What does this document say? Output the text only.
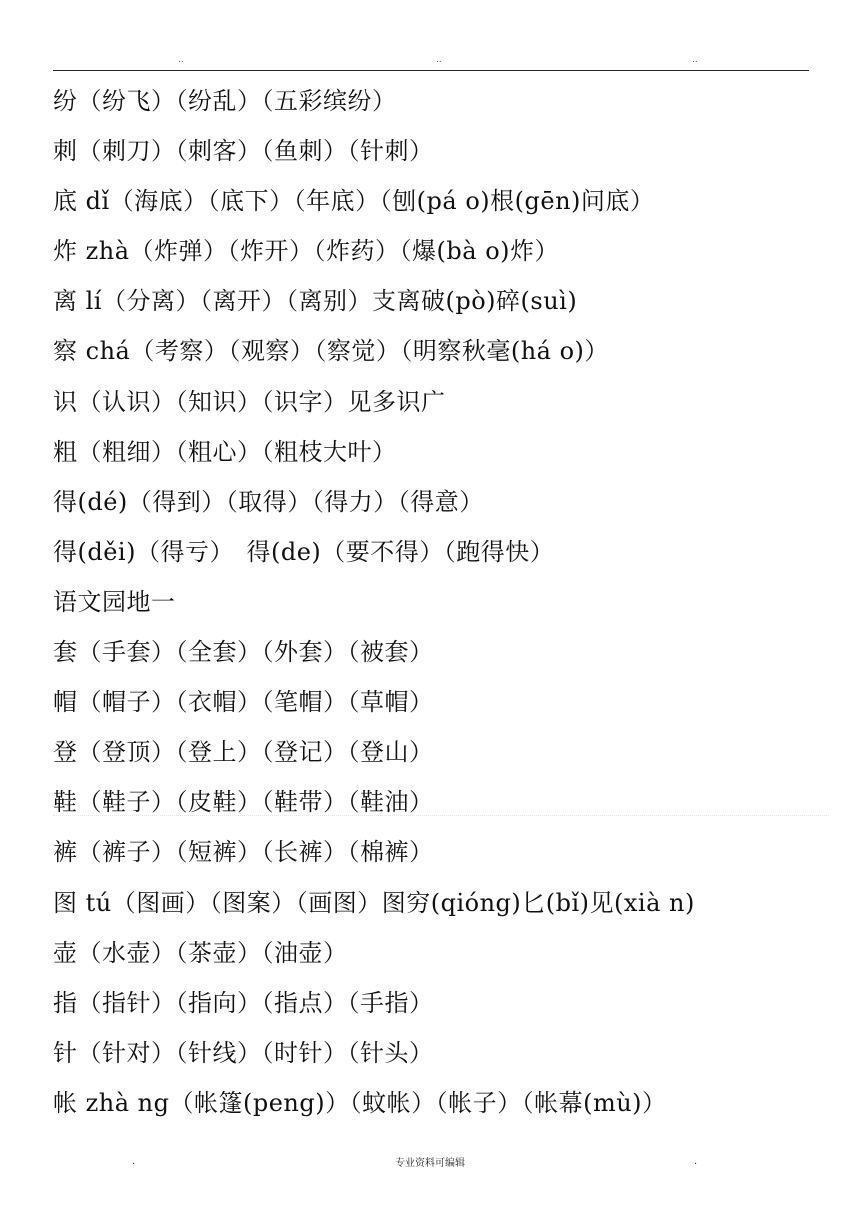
..	..	..
纷（纷飞）（纷乱）（五彩缤纷）
刺（刺刀）（刺客）（鱼刺）（针刺）
底 dǐ（海底）（底下）（年底）（刨(pá o)根(gēn)问底）
炸 zhà（炸弹）（炸开）（炸药）（爆(bà o)炸）
离 lí（分离）（离开）（离别）支离破(pò)碎(suì)
察 chá（考察）（观察）（察觉）（明察秋毫(há o)）
识（认识）（知识）（识字）见多识广
粗（粗细）（粗心）（粗枝大叶）
得(dé)（得到）（取得）（得力）（得意）
得(děi)（得亏）　得(de)（要不得）（跑得快）
语文园地一
套（手套）（全套）（外套）（被套）
帽（帽子）（衣帽）（笔帽）（草帽）
登（登顶）（登上）（登记）（登山）
鞋（鞋子）（皮鞋）（鞋带）（鞋油）
裤（裤子）（短裤）（长裤）（棉裤）
图 tú（图画）（图案）（画图）图穷(qióng)匕(bǐ)见(xià n)
壶（水壶）（茶壶）（油壶）
指（指针）（指向）（指点）（手指）
针（针对）（针线）（时针）（针头）
帐 zhà ng（帐篷(peng)）（蚊帐）（帐子）（帐幕(mù)）
.	专业资料可编辑	.
